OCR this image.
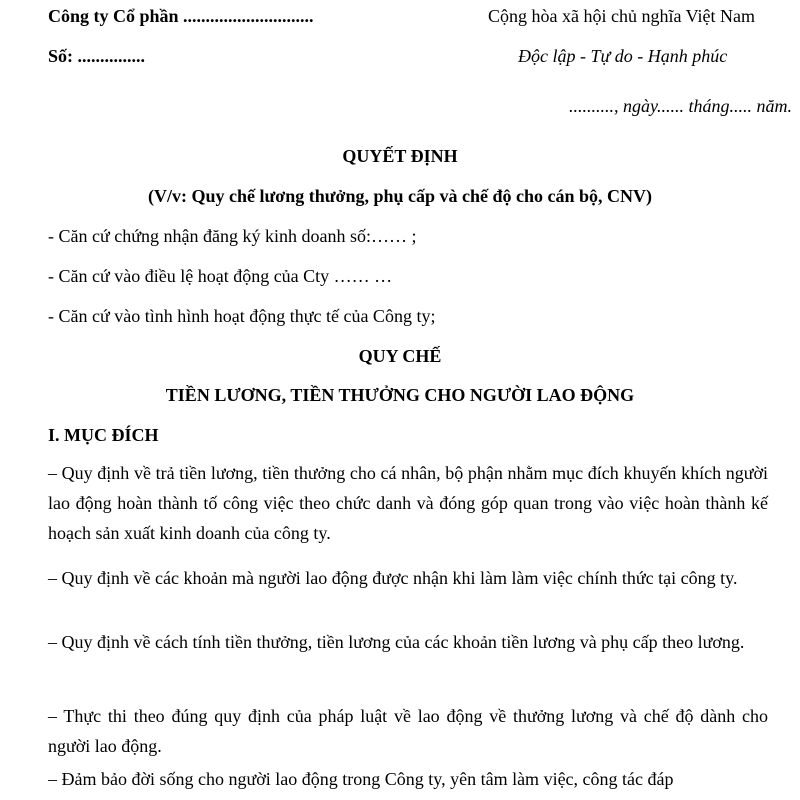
Công ty Cổ phần .............................
Số: ...............
Cộng hòa xã hội chủ nghĩa Việt Nam
Độc lập - Tự do - Hạnh phúc
.........., ngày...... tháng..... năm.
QUYẾT ĐỊNH
(V/v: Quy chế lương thưởng, phụ cấp và chế độ cho cán bộ, CNV)
- Căn cứ chứng nhận đăng ký kinh doanh số:…… ;
- Căn cứ vào điều lệ hoạt động của Cty …… …
- Căn cứ vào tình hình hoạt động thực tế của Công ty;
QUY CHẾ
TIỀN LƯƠNG, TIỀN THƯỞNG CHO NGƯỜI LAO ĐỘNG
I. MỤC ĐÍCH
– Quy định về trả tiền lương, tiền thưởng cho cá nhân, bộ phận nhằm mục đích khuyến khích người lao động hoàn thành tố công việc theo chức danh và đóng góp quan trong vào việc hoàn thành kế hoạch sản xuất kinh doanh của công ty.
– Quy định về các khoản mà người lao động được nhận khi làm làm việc chính thức tại công ty.
– Quy định về cách tính tiền thưởng, tiền lương của các khoản tiền lương và phụ cấp theo lương.
– Thực thi theo đúng quy định của pháp luật về lao động về thưởng lương và chế độ dành cho người lao động.
– Đảm bảo đời sống cho người lao động trong Công ty, yên tâm làm việc, công tác đáp
